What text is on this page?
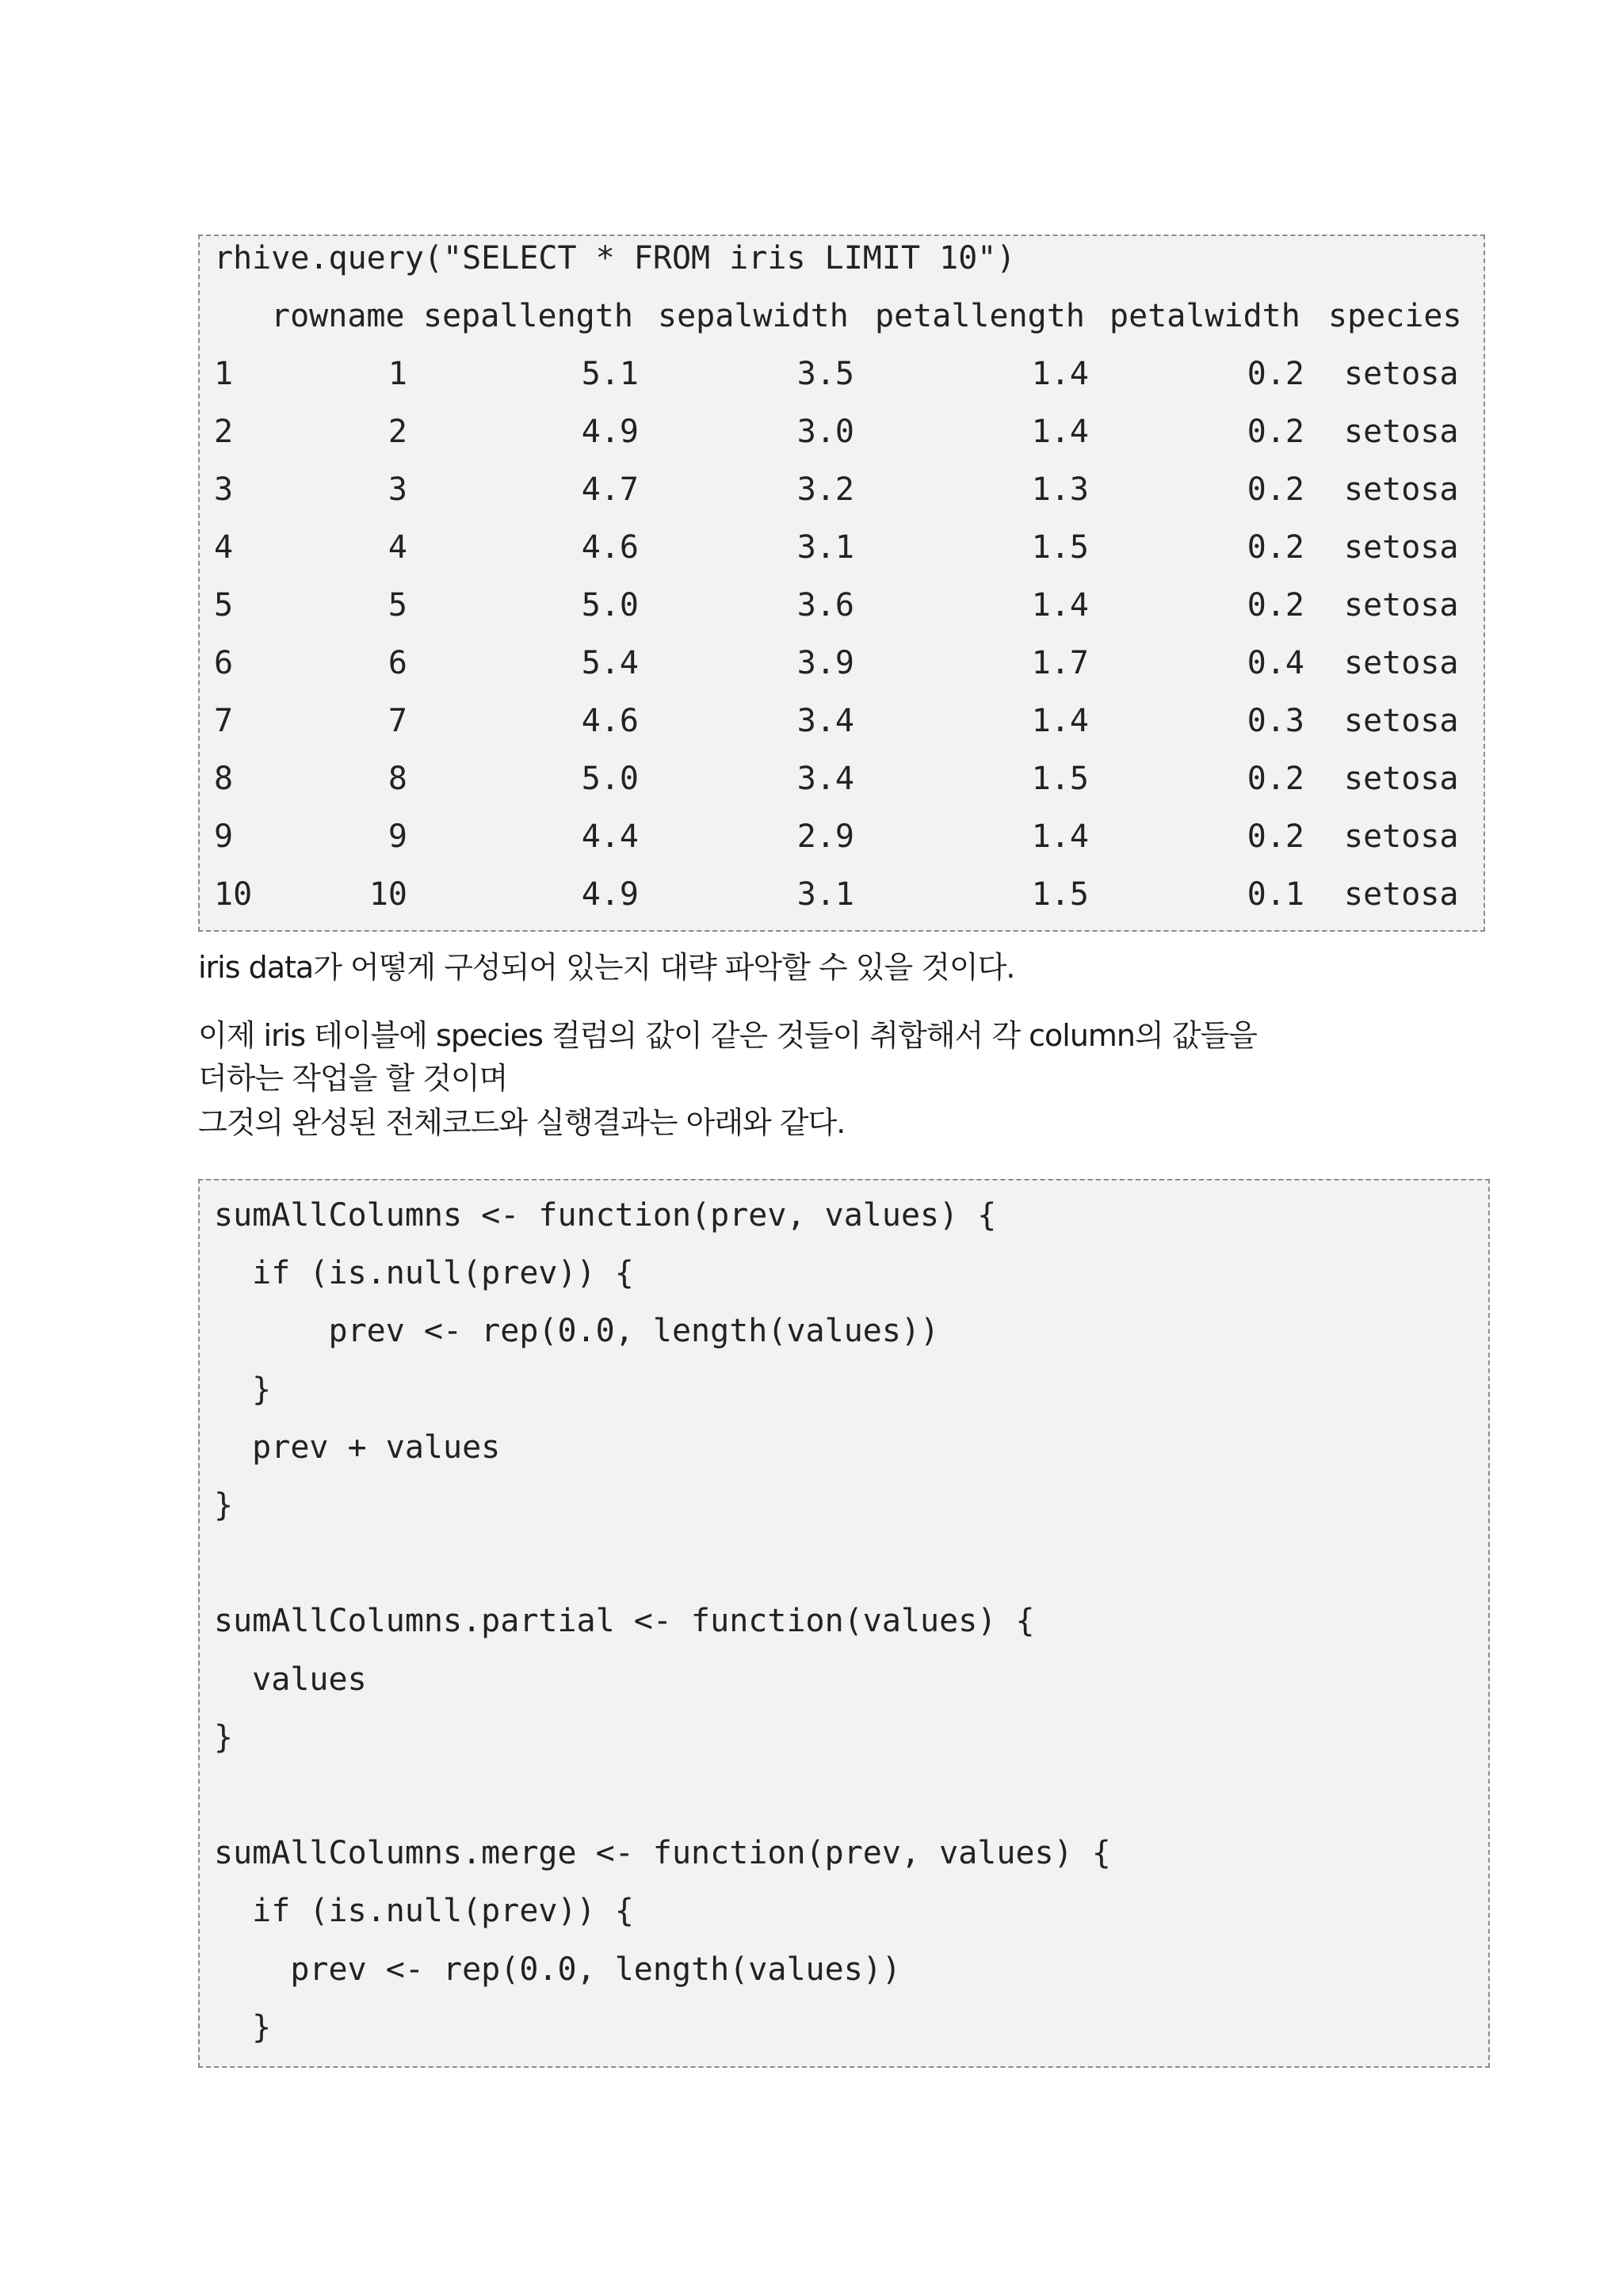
rhive.query("SELECT * FROM iris LIMIT 10")
rowname sepallength sepalwidth petallength petalwidth species
1	1	5.1	3.5	1.4	0.2 setosa
2	2	4.9	3.0	1.4	0.2 setosa
3	3	4.7	3.2	1.3	0.2 setosa
4	4	4.6	3.1	1.5	0.2 setosa
5	5	5.0	3.6	1.4	0.2 setosa
6	6	5.4	3.9	1.7	0.4 setosa
7	7	4.6	3.4	1.4	0.3 setosa
8	8	5.0	3.4	1.5	0.2 setosa
9	9	4.4	2.9	1.4	0.2 setosa
10	10	4.9	3.1	1.5	0.1 setosa
iris data가 어떻게 구성되어 있는지 대략 파악할 수 있을 것이다.
이제 iris 테이블에 species 컬럼의 값이 같은 것들이 취합해서 각 column의 값들을
더하는 작업을 할 것이며
그것의 완성된 전체코드와 실행결과는 아래와 같다.
sumAllColumns <- function(prev, values) {
if (is.null(prev)) {
prev <- rep(0.0, length(values))
}
prev + values
}
sumAllColumns.partial <- function(values) {
values
}
sumAllColumns.merge <- function(prev, values) {
if (is.null(prev)) {
prev <- rep(0.0, length(values))
}
